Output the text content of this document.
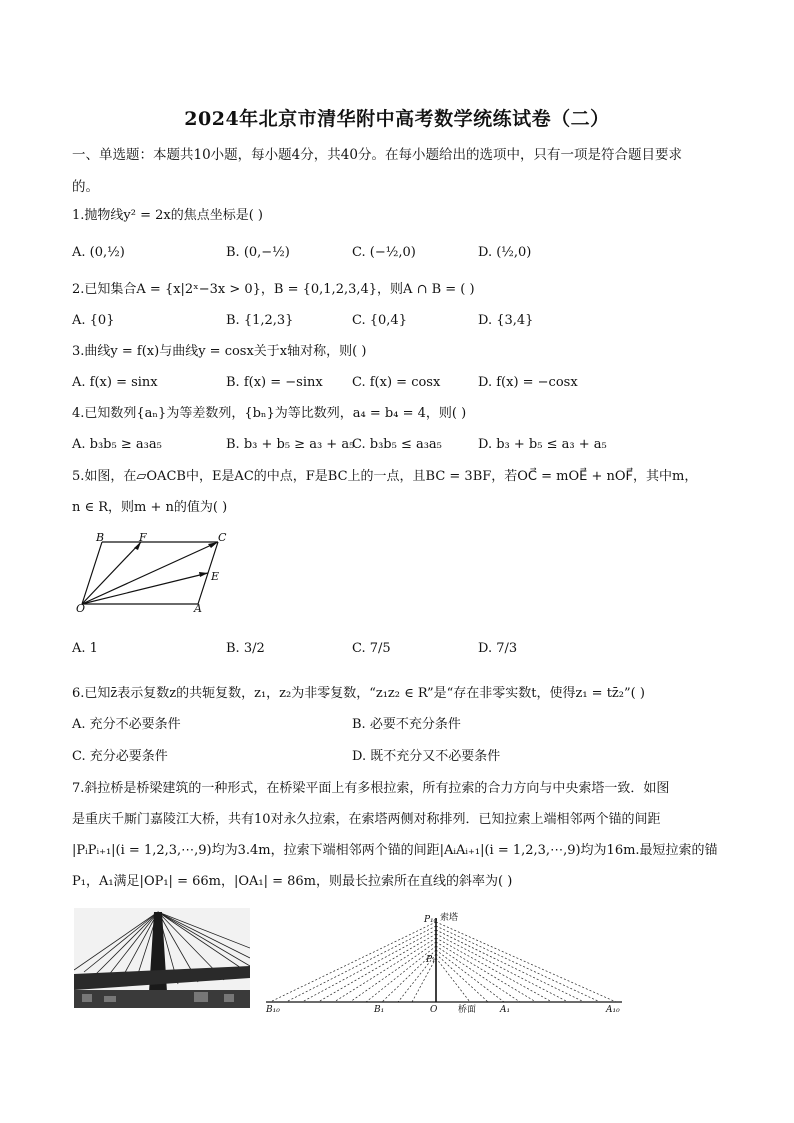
2024年北京市清华附中高考数学统练试卷（二）
一、单选题：本题共10小题，每小题4分，共40分。在每小题给出的选项中，只有一项是符合题目要求
的。
1.抛物线y² = 2x的焦点坐标是( )
A. (0,½)	B. (0,−½)	C. (−½,0)	D. (½,0)
2.已知集合A = {x|2ˣ−3x > 0}，B = {0,1,2,3,4}，则A ∩ B = ( )
A. {0}	B. {1,2,3}	C. {0,4}	D. {3,4}
3.曲线y = f(x)与曲线y = cosx关于x轴对称，则( )
A. f(x) = sinx	B. f(x) = −sinx C. f(x) = cosx	D. f(x) = −cosx
4.已知数列{aₙ}为等差数列，{bₙ}为等比数列，a₄ = b₄ = 4，则( )
A. b₃b₅ ≥ a₃a₅	B. b₃ + b₅ ≥ a₃ + a₅
C. b₃b₅ ≤ a₃a₅	D. b₃ + b₅ ≤ a₃ + a₅
5.如图，在▱OACB中，E是AC的中点，F是BC上的一点，且BC = 3BF，若OC⃗ = mOE⃗ + nOF⃗，其中m，
n ∈ R，则m + n的值为( )
B	F	C
E
O	A
A. 1	B. 3/2	C. 7/5	D. 7/3
6.已知z̄表示复数z的共轭复数，z₁，z₂为非零复数，“z₁z₂ ∈ R”是“存在非零实数t，使得z₁ = tz̄₂”( )
A. 充分不必要条件	B. 必要不充分条件
C. 充分必要条件	D. 既不充分又不必要条件
7.斜拉桥是桥梁建筑的一种形式，在桥梁平面上有多根拉索，所有拉索的合力方向与中央索塔一致．如图
是重庆千厮门嘉陵江大桥，共有10对永久拉索，在索塔两侧对称排列．已知拉索上端相邻两个锚的间距
|PᵢPᵢ₊₁|(i = 1,2,3,⋯,9)均为3.4m，拉索下端相邻两个锚的间距|AᵢAᵢ₊₁|(i = 1,2,3,⋯,9)均为16m.最短拉索的锚
P₁，A₁满足|OP₁| = 66m，|OA₁| = 86m，则最长拉索所在直线的斜率为( )
P₁₀ 索塔
P₁
B₁₀	B₁	O 桥面	A₁	A₁₀
